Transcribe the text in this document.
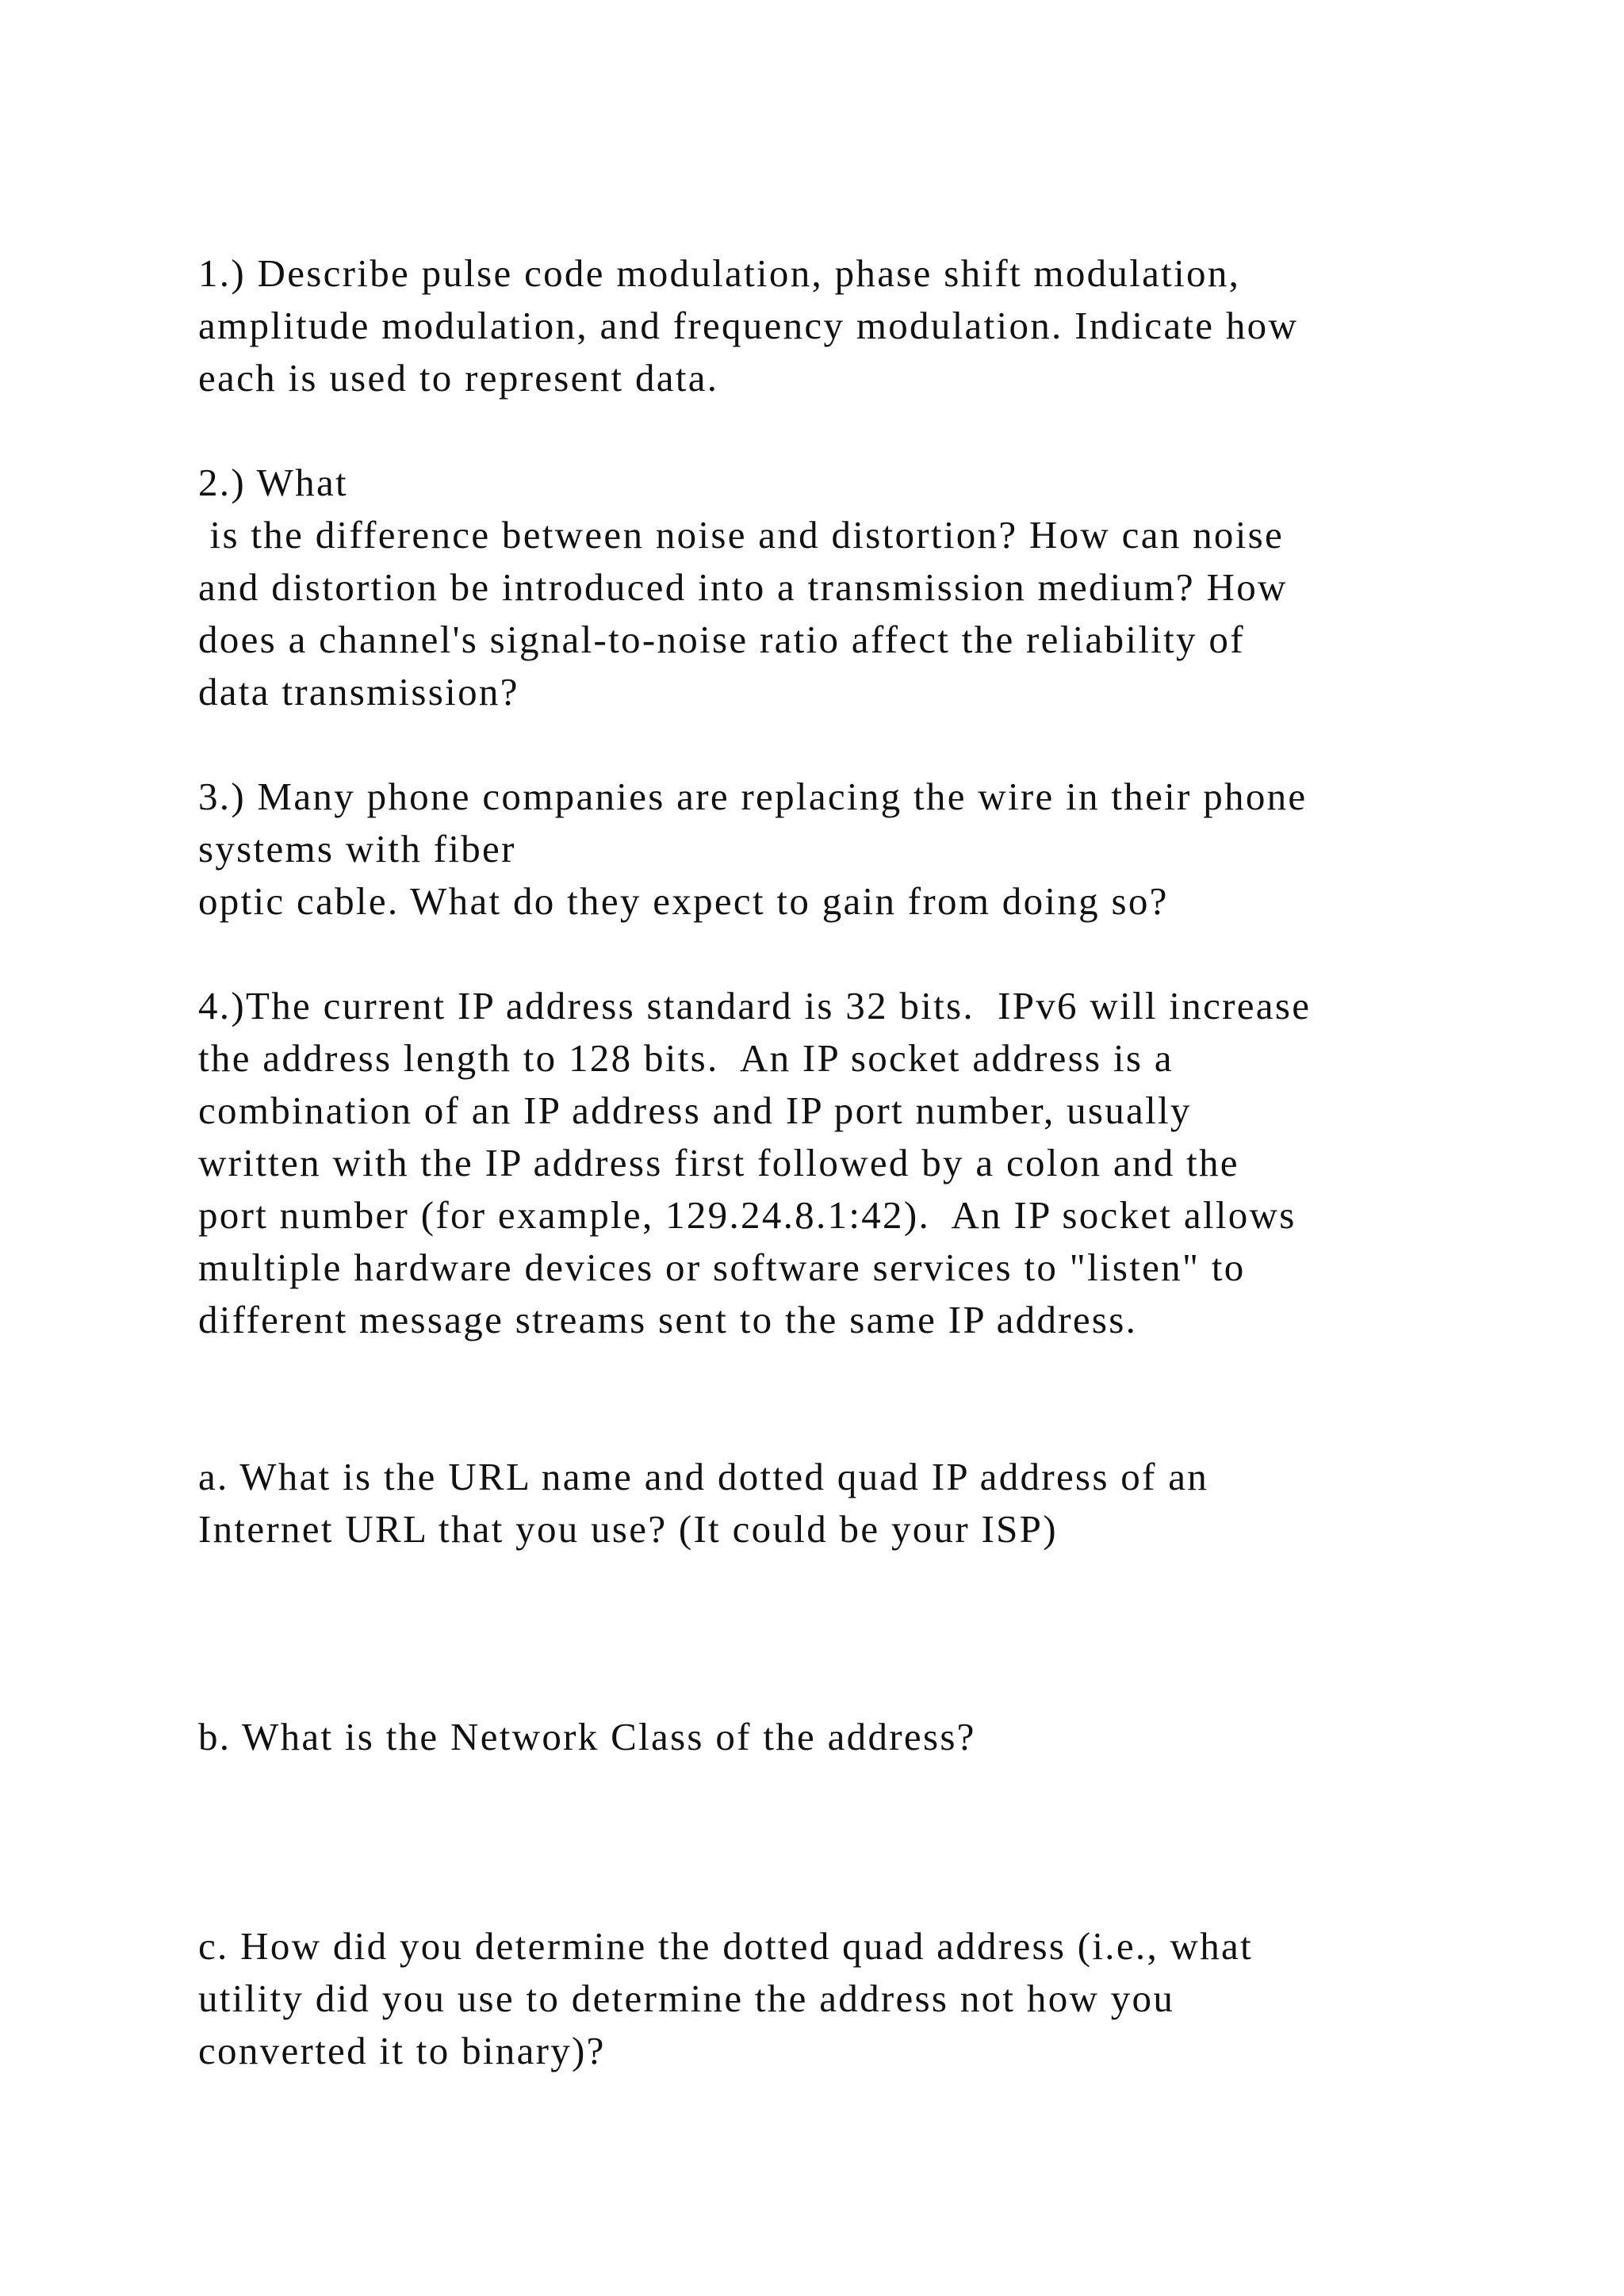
1.) Describe pulse code modulation, phase shift modulation,

amplitude modulation, and frequency modulation. Indicate how

each is used to represent data.

2.) What

is the difference between noise and distortion? How can noise

and distortion be introduced into a transmission medium? How

does a channel's signal-to-noise ratio affect the reliability of

data transmission?

3.) Many phone companies are replacing the wire in their phone

systems with fiber

optic cable. What do they expect to gain from doing so?

4.)The current IP address standard is 32 bits.  IPv6 will increase

the address length to 128 bits.  An IP socket address is a

combination of an IP address and IP port number, usually

written with the IP address first followed by a colon and the

port number (for example, 129.24.8.1:42).  An IP socket allows

multiple hardware devices or software services to "listen" to

different message streams sent to the same IP address.

a. What is the URL name and dotted quad IP address of an

Internet URL that you use? (It could be your ISP)

b. What is the Network Class of the address?

c. How did you determine the dotted quad address (i.e., what

utility did you use to determine the address not how you

converted it to binary)?
